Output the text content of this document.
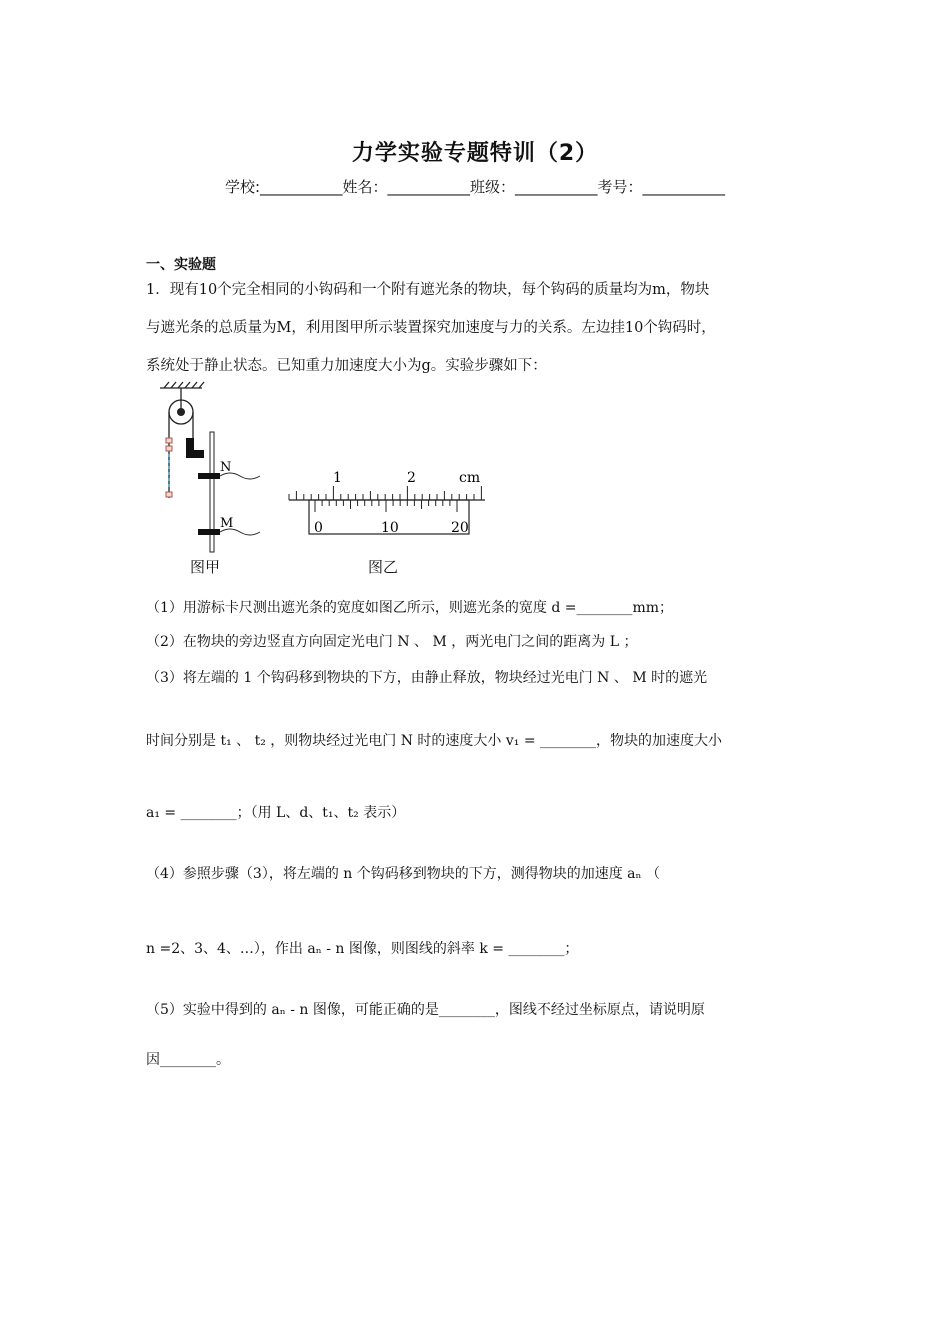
力学实验专题特训（2）
学校:___________姓名：___________班级：___________考号：___________
一、实验题
1．现有10个完全相同的小钩码和一个附有遮光条的物块，每个钩码的质量均为m，物块
与遮光条的总质量为M，利用图甲所示装置探究加速度与力的关系。左边挂10个钩码时，
系统处于静止状态。已知重力加速度大小为g。实验步骤如下：
N
M
图甲
1	2	cm
0	10	20
图乙
（1）用游标卡尺测出遮光条的宽度如图乙所示，则遮光条的宽度 d =________mm；
（2）在物块的旁边竖直方向固定光电门 N 、 M ，两光电门之间的距离为 L ；
（3）将左端的 1 个钩码移到物块的下方，由静止释放，物块经过光电门 N 、 M 时的遮光
时间分别是 t₁ 、 t₂ ，则物块经过光电门 N 时的速度大小 v₁ = ________，物块的加速度大小
a₁ = ________；（用 L、d、t₁、t₂ 表示）
（4）参照步骤（3），将左端的 n 个钩码移到物块的下方，测得物块的加速度 aₙ （
n =2、3、4、…），作出 aₙ - n 图像，则图线的斜率 k = ________；
（5）实验中得到的 aₙ - n 图像，可能正确的是________，图线不经过坐标原点，请说明原
因________。
